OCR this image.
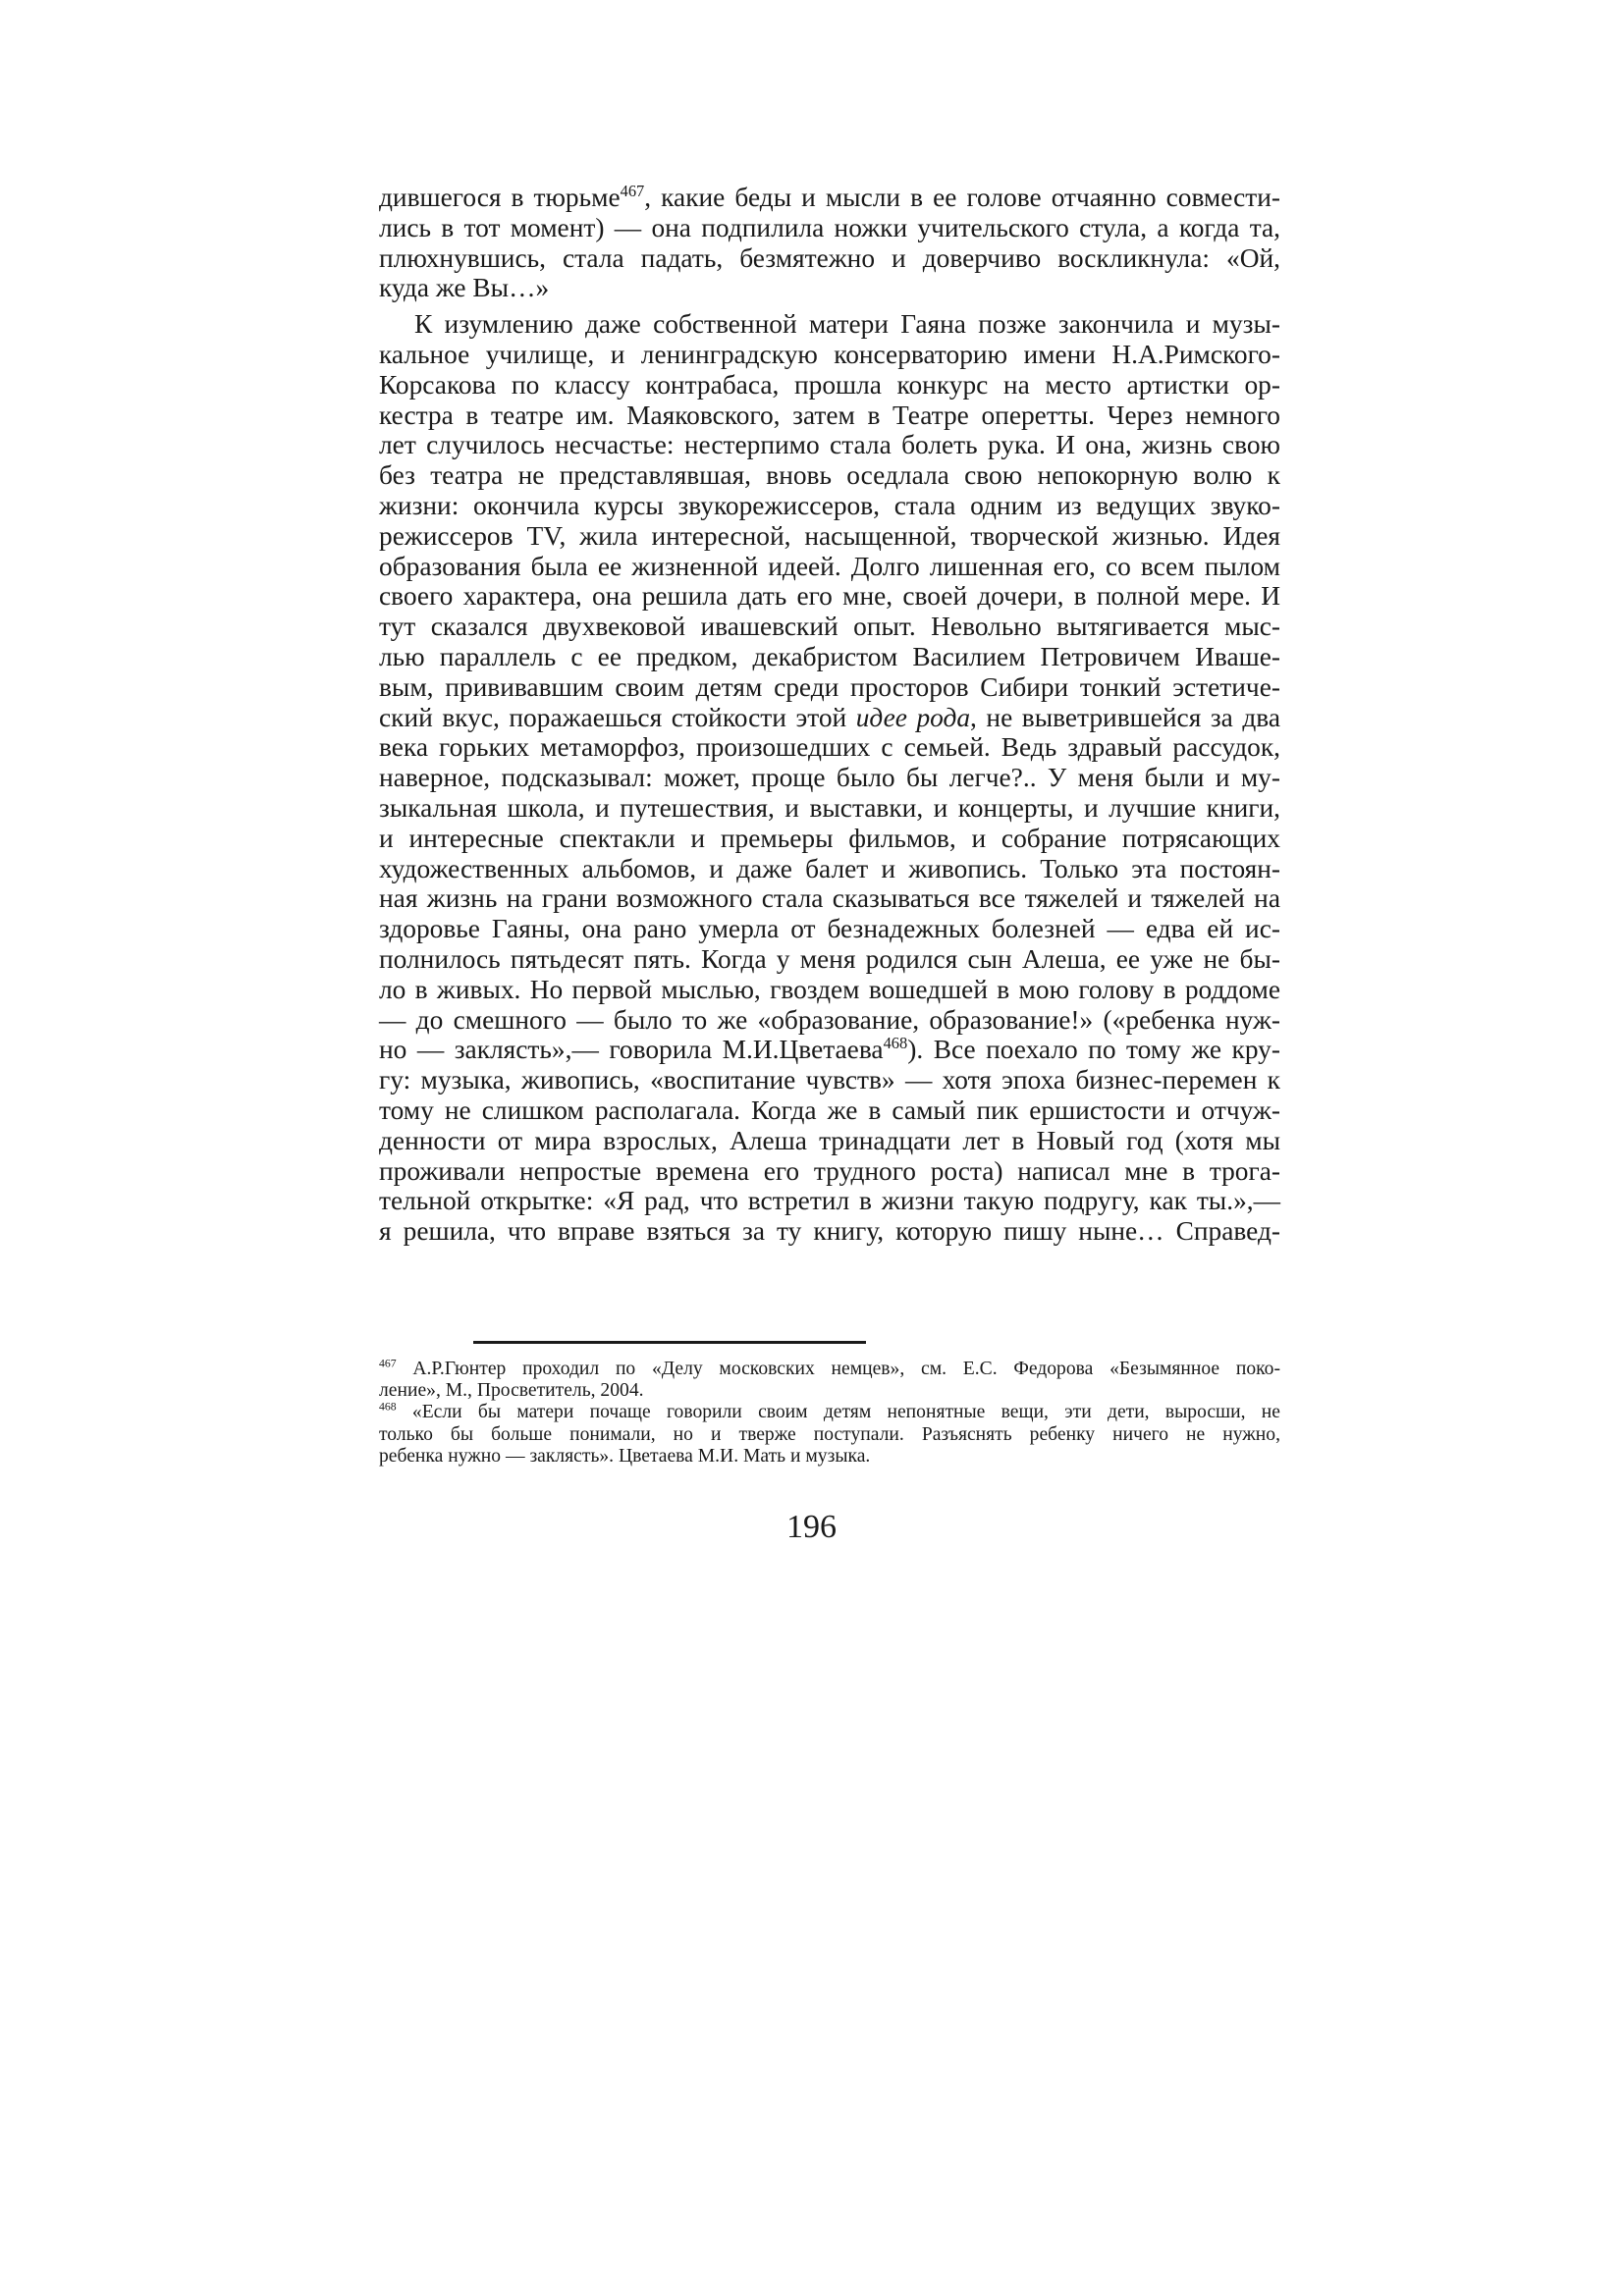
дившегося в тюрьме$^{467}$, какие беды и мысли в ее голове отчаянно совмести-
лись в тот момент) — она подпилила ножки учительского стула, а когда та,
плюхнувшись, стала падать, безмятежно и доверчиво воскликнула: «Ой,
куда же Вы…»
К изумлению даже собственной матери Гаяна позже закончила и музы-
кальное училище, и ленинградскую консерваторию имени Н.А.Римского-
Корсакова по классу контрабаса, прошла конкурс на место артистки ор-
кестра в театре им. Маяковского, затем в Театре оперетты. Через немного
лет случилось несчастье: нестерпимо стала болеть рука. И она, жизнь свою
без театра не представлявшая, вновь оседлала свою непокорную волю к
жизни: окончила курсы звукорежиссеров, стала одним из ведущих звуко-
режиссеров TV, жила интересной, насыщенной, творческой жизнью. Идея
образования была ее жизненной идеей. Долго лишенная его, со всем пылом
своего характера, она решила дать его мне, своей дочери, в полной мере. И
тут сказался двухвековой ивашевский опыт. Невольно вытягивается мыс-
лью параллель с ее предком, декабристом Василием Петровичем Ивашe-
вым, прививавшим своим детям среди просторов Сибири тонкий эстетиче-
ский вкус, поражаешься стойкости этой идее рода, не выветрившейся за два
века горьких метаморфоз, произошедших с семьей. Ведь здравый рассудок,
наверное, подсказывал: может, проще было бы легче?.. У меня были и му-
зыкальная школа, и путешествия, и выставки, и концерты, и лучшие книги,
и интересные спектакли и премьеры фильмов, и собрание потрясающих
художественных альбомов, и даже балет и живопись. Только эта постоян-
ная жизнь на грани возможного стала сказываться все тяжелей и тяжелей на
здоровье Гаяны, она рано умерла от безнадежных болезней — едва ей ис-
полнилось пятьдесят пять. Когда у меня родился сын Алеша, ее уже не бы-
ло в живых. Но первой мыслью, гвоздем вошедшей в мою голову в роддоме
— до смешного — было то же «образование, образование!» («ребенка нуж-
но — заклясть»,— говорила М.И.Цветаева$^{468}$). Все поехало по тому же кру-
гу: музыка, живопись, «воспитание чувств» — хотя эпоха бизнес-перемен к
тому не слишком располагала. Когда же в самый пик ершистости и отчуж-
денности от мира взрослых, Алеша тринадцати лет в Новый год (хотя мы
проживали непростые времена его трудного роста) написал мне в трога-
тельной открытке: «Я рад, что встретил в жизни такую подругу, как ты.»,—
я решила, что вправе взяться за ту книгу, которую пишу ныне… Справед-
$^{467}$ А.Р.Гюнтер проходил по «Делу московских немцев», см. Е.С. Федорова «Безымянное поко-
ление», М., Просветитель, 2004.
$^{468}$ «Если бы матери почаще говорили своим детям непонятные вещи, эти дети, выросши, не
только бы больше понимали, но и тверже поступали. Разъяснять ребенку ничего не нужно,
ребенка нужно — заклясть». Цветаева М.И. Мать и музыка.
196
